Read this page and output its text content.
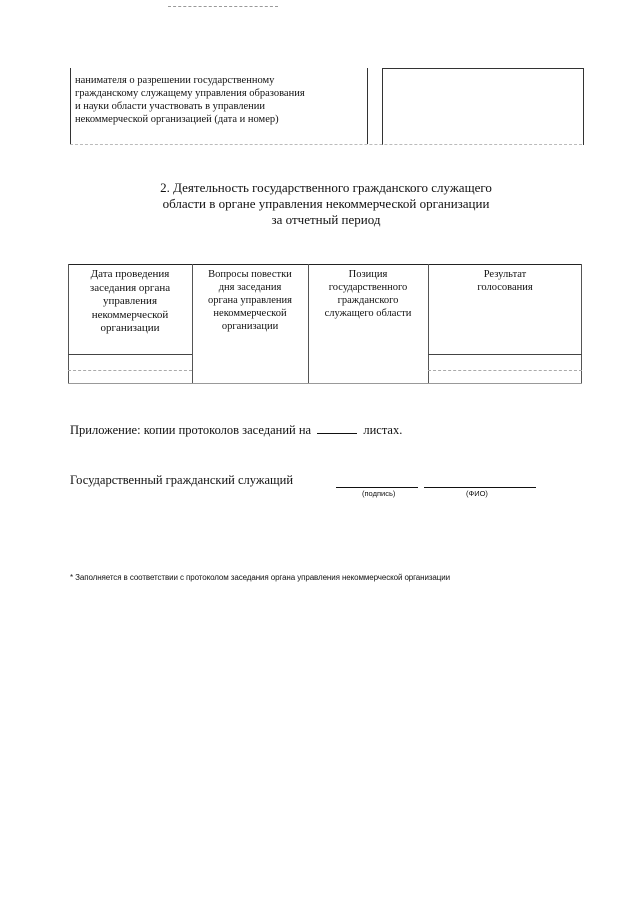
нанимателя о разрешении государственному
гражданскому служащему управления образования
и науки области участвовать в управлении
некоммерческой организацией (дата и номер)
2. Деятельность государственного гражданского служащего
области в органе управления некоммерческой организации
за отчетный период
Дата проведения
заседания органа
управления
некоммерческой
организации
Вопросы повестки
дня заседания
органа управления
некоммерческой
организации
Позиция
государственного
гражданского
служащего области
Результат
голосования
Приложение: копии протоколов заседаний на	листах.
Государственный гражданский служащий
(подпись)	(ФИО)
* Заполняется в соответствии с протоколом заседания органа управления некоммерческой организации
